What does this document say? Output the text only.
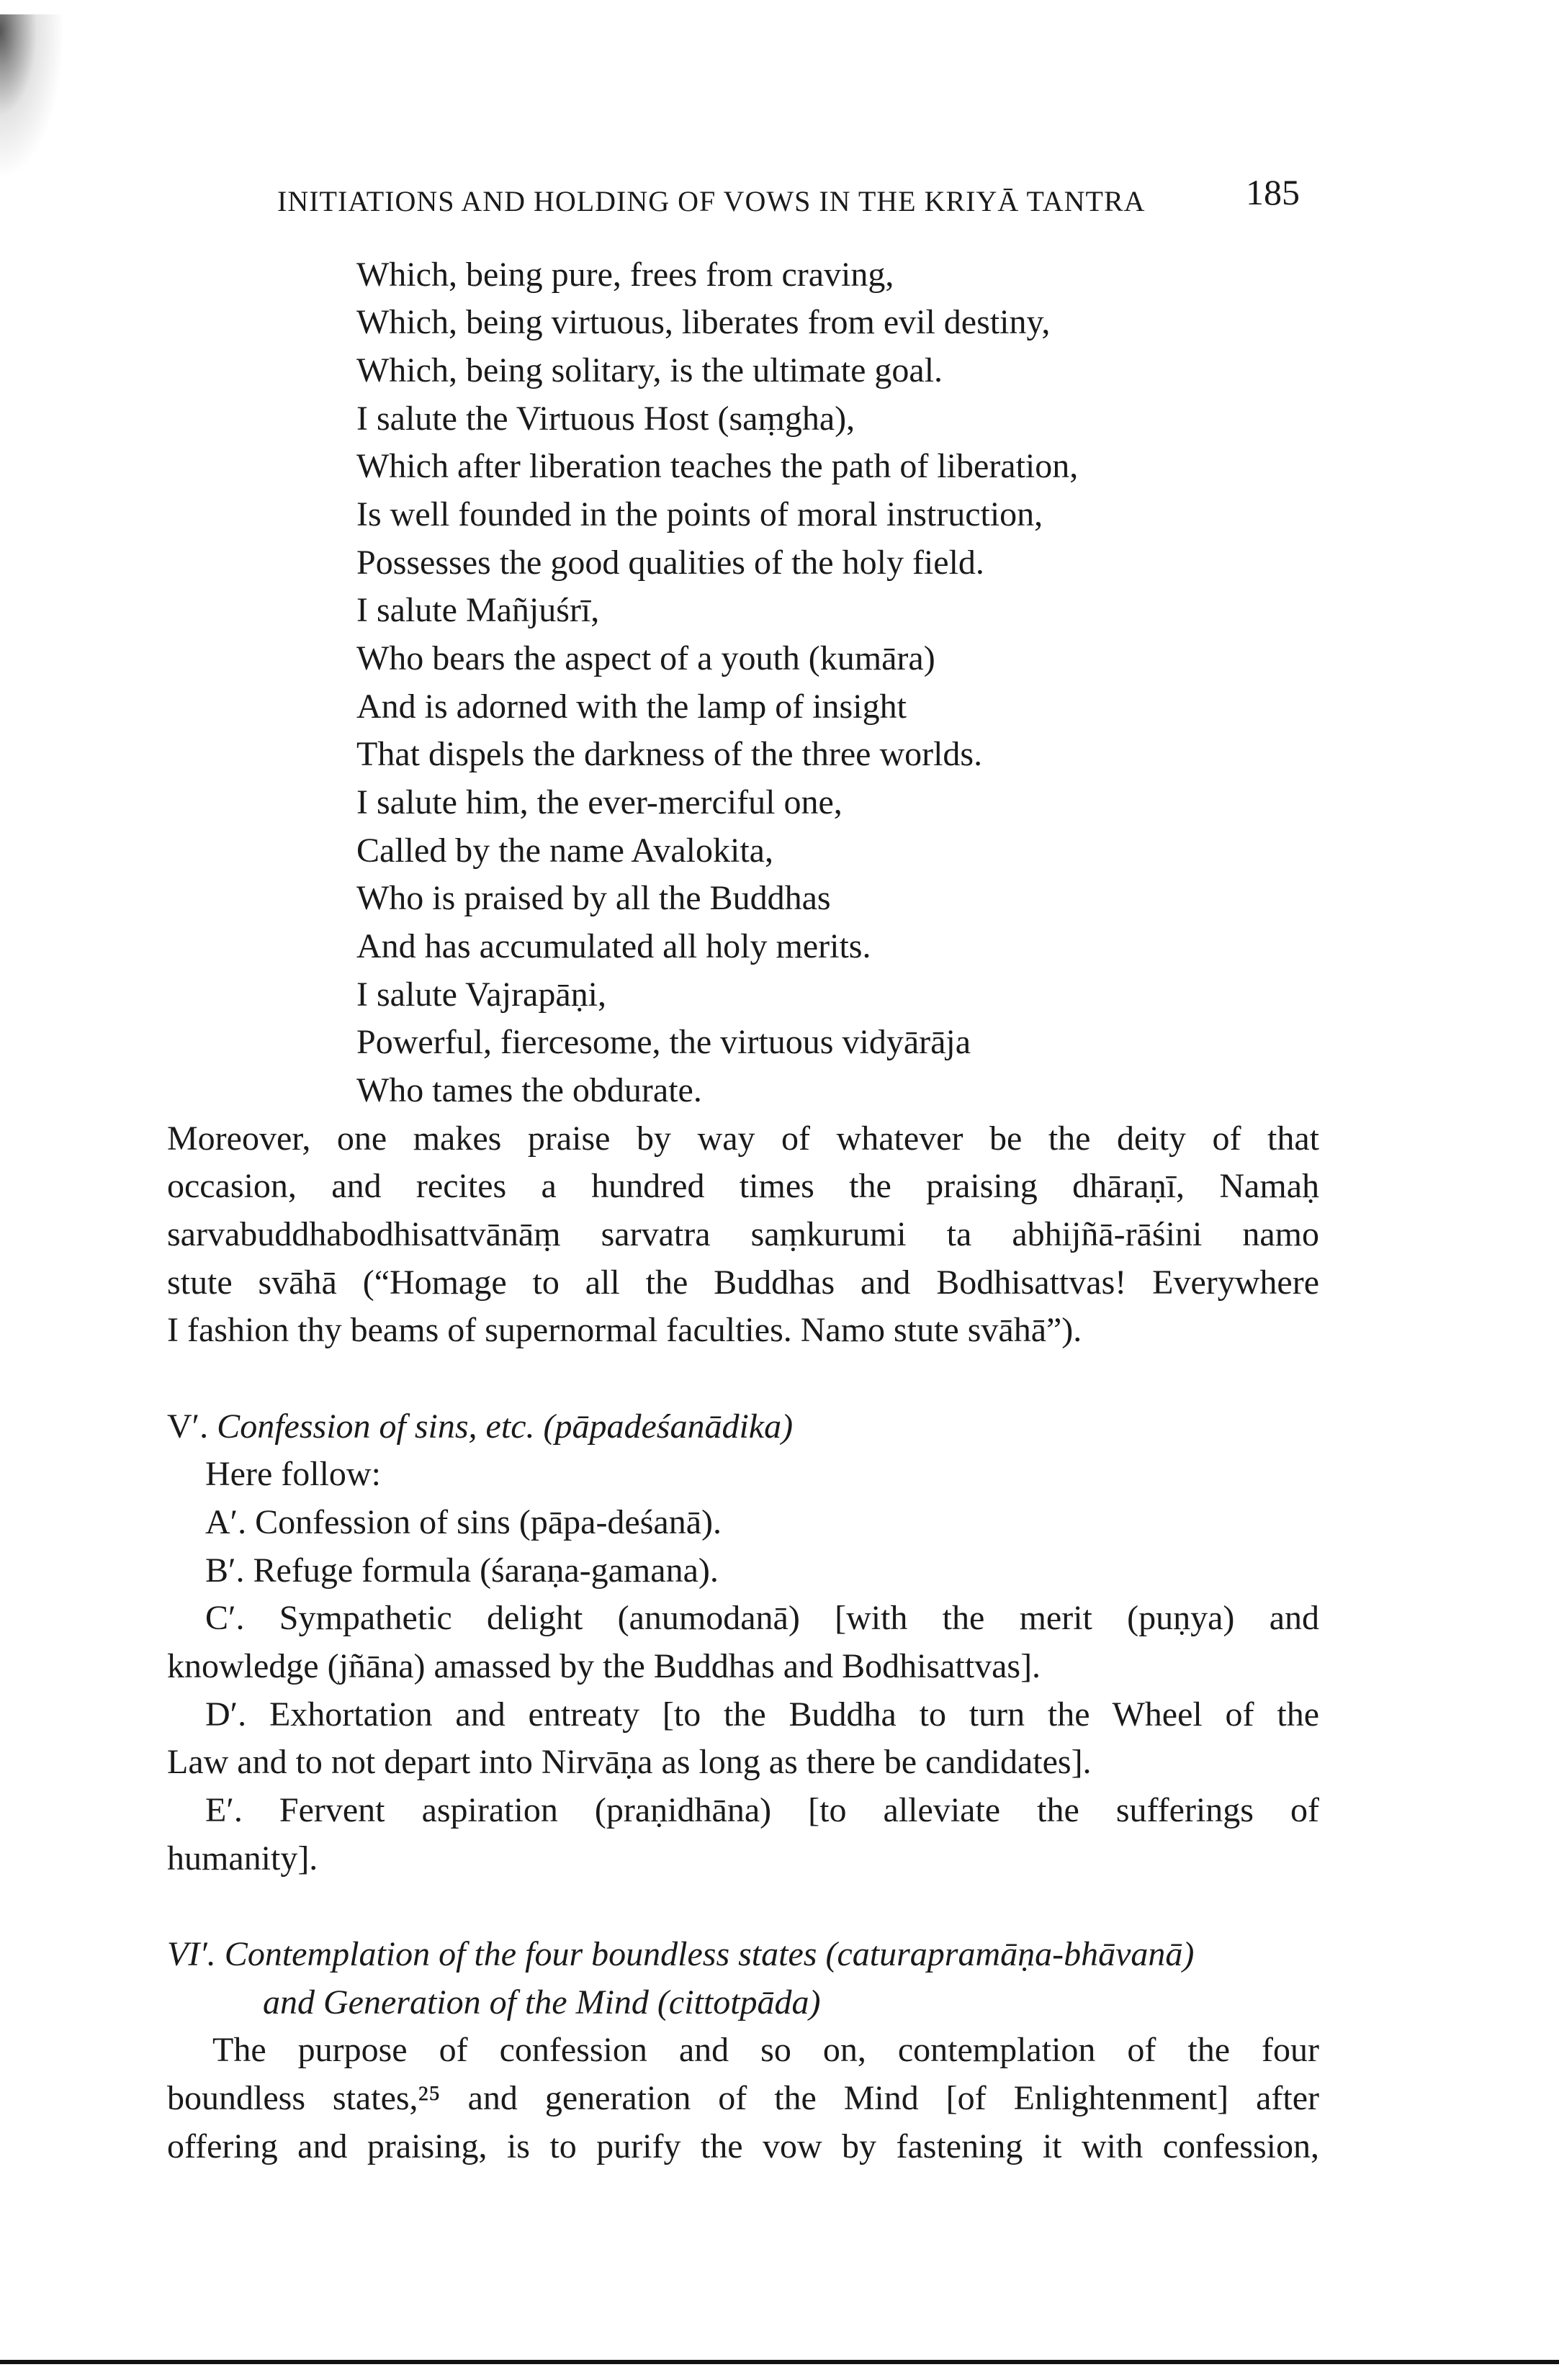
INITIATIONS AND HOLDING OF VOWS IN THE KRIYĀ TANTRA	185
Which, being pure, frees from craving,
Which, being virtuous, liberates from evil destiny,
Which, being solitary, is the ultimate goal.
I salute the Virtuous Host (saṃgha),
Which after liberation teaches the path of liberation,
Is well founded in the points of moral instruction,
Possesses the good qualities of the holy field.
I salute Mañjuśrī,
Who bears the aspect of a youth (kumāra)
And is adorned with the lamp of insight
That dispels the darkness of the three worlds.
I salute him, the ever-merciful one,
Called by the name Avalokita,
Who is praised by all the Buddhas
And has accumulated all holy merits.
I salute Vajrapāṇi,
Powerful, fiercesome, the virtuous vidyārāja
Who tames the obdurate.
Moreover, one makes praise by way of whatever be the deity of that
occasion, and recites a hundred times the praising dhāraṇī, Namaḥ
sarvabuddhabodhisattvānāṃ sarvatra saṃkurumi ta abhijñā-rāśini namo
stute svāhā (“Homage to all the Buddhas and Bodhisattvas! Everywhere
I fashion thy beams of supernormal faculties. Namo stute svāhā”).
V′. Confession of sins, etc. (pāpadeśanādika)
Here follow:
A′. Confession of sins (pāpa-deśanā).
B′. Refuge formula (śaraṇa-gamana).
C′. Sympathetic delight (anumodanā) [with the merit (puṇya) and
knowledge (jñāna) amassed by the Buddhas and Bodhisattvas].
D′. Exhortation and entreaty [to the Buddha to turn the Wheel of the
Law and to not depart into Nirvāṇa as long as there be candidates].
E′. Fervent aspiration (praṇidhāna) [to alleviate the sufferings of
humanity].
VI′. Contemplation of the four boundless states (caturapramāṇa-bhāvanā)
and Generation of the Mind (cittotpāda)
The purpose of confession and so on, contemplation of the four
boundless states,²⁵ and generation of the Mind [of Enlightenment] after
offering and praising, is to purify the vow by fastening it with confession,
